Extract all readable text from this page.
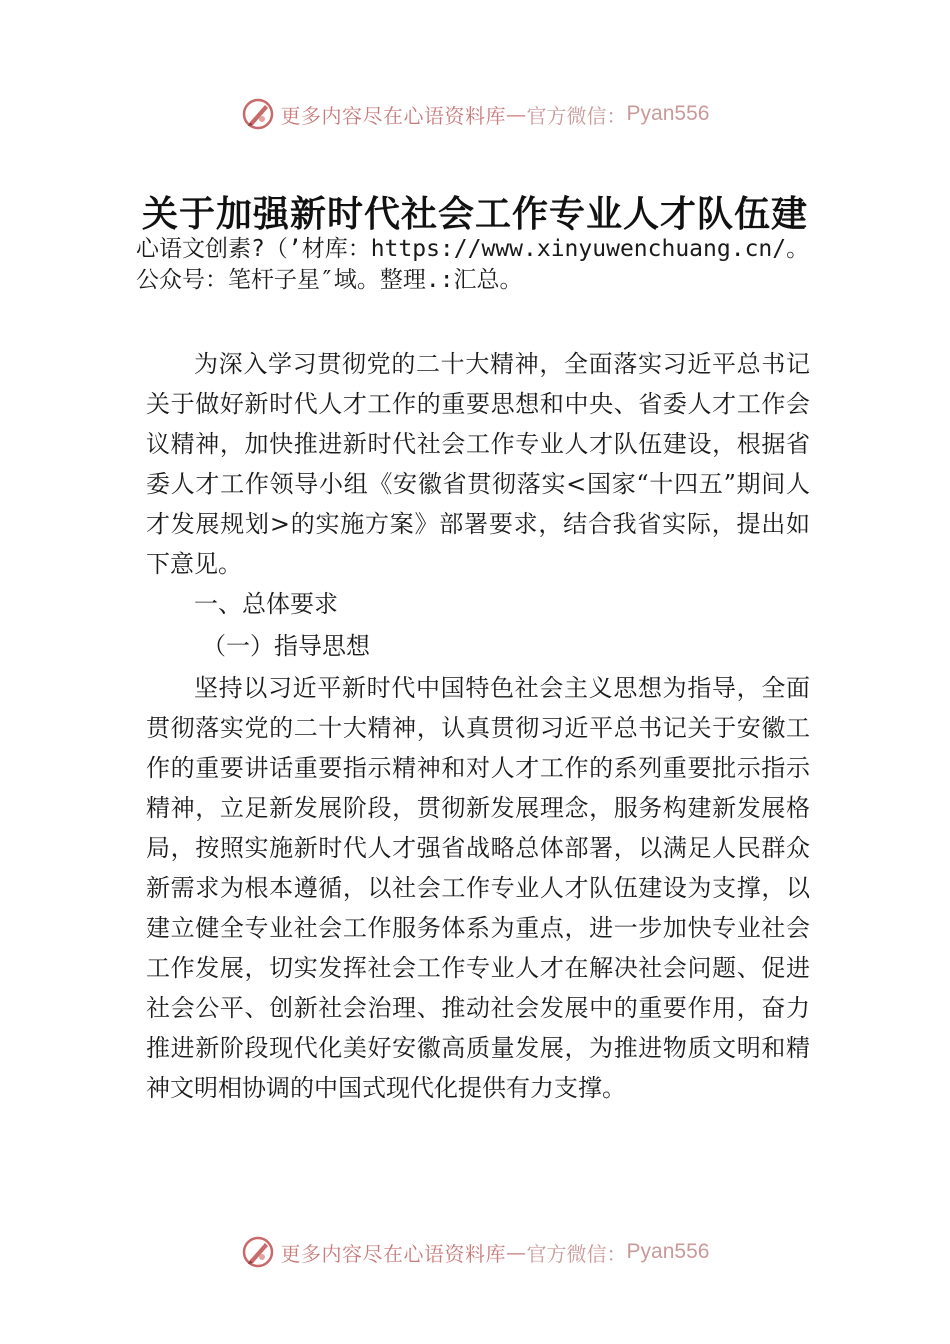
更多内容尽在心语资料库 — 官方微信： Pyan556
关于加强新时代社会工作专业人才队伍建
心语文创素?（’材库：https://www.xinyuwenchuang.cn/。公众号：笔杆子星″域。整理.:汇总。

为深入学习贯彻党的二十大精神，全面落实习近平总书记关于做好新时代人才工作的重要思想和中央、省委人才工作会议精神，加快推进新时代社会工作专业人才队伍建设，根据省委人才工作领导小组《安徽省贯彻落实<国家“十四五”期间人才发展规划>的实施方案》部署要求，结合我省实际，提出如下意见。

一、总体要求

（一）指导思想

坚持以习近平新时代中国特色社会主义思想为指导，全面贯彻落实党的二十大精神，认真贯彻习近平总书记关于安徽工作的重要讲话重要指示精神和对人才工作的系列重要批示指示精神，立足新发展阶段，贯彻新发展理念，服务构建新发展格局，按照实施新时代人才强省战略总体部署，以满足人民群众新需求为根本遵循，以社会工作专业人才队伍建设为支撑，以建立健全专业社会工作服务体系为重点，进一步加快专业社会工作发展，切实发挥社会工作专业人才在解决社会问题、促进社会公平、创新社会治理、推动社会发展中的重要作用，奋力推进新阶段现代化美好安徽高质量发展，为推进物质文明和精神文明相协调的中国式现代化提供有力支撑。

更多内容尽在心语资料库 — 官方微信： Pyan556
